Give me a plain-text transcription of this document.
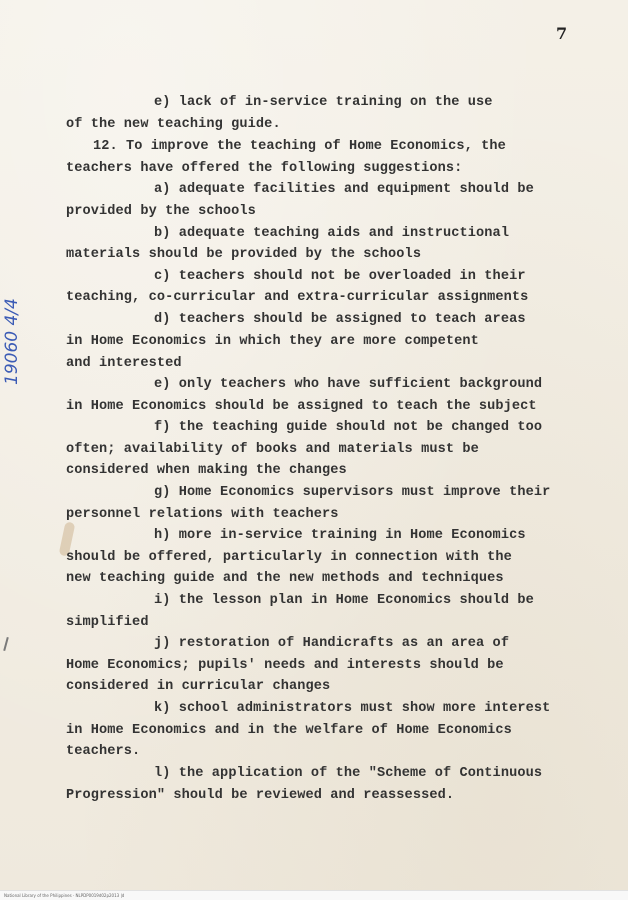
7
19060 4/4
e) lack of in-service training on the use
of the new teaching guide.
12. To improve the teaching of Home Economics, the
teachers have offered the following suggestions:
a) adequate facilities and equipment should be
provided by the schools
b) adequate teaching aids and instructional
materials should be provided by the schools
c) teachers should not be overloaded in their
teaching, co-curricular and extra-curricular assignments
d) teachers should be assigned to teach areas
in Home Economics in which they are more competent
and interested
e) only teachers who have sufficient background
in Home Economics should be assigned to teach the subject
f) the teaching guide should not be changed too
often; availability of books and materials must be
considered when making the changes
g) Home Economics supervisors must improve their
personnel relations with teachers
h) more in-service training in Home Economics
should be offered, particularly in connection with the
new teaching guide and the new methods and techniques
i) the lesson plan in Home Economics should be
simplified
j) restoration of Handicrafts as an area of
Home Economics; pupils' needs and interests should be
considered in curricular changes
k) school administrators must show more interest
in Home Economics and in the welfare of Home Economics
teachers.
l) the application of the "Scheme of Continuous
Progression" should be reviewed and reassessed.
National Library of the Philippines · NLPDP0019d02p2013 |d
